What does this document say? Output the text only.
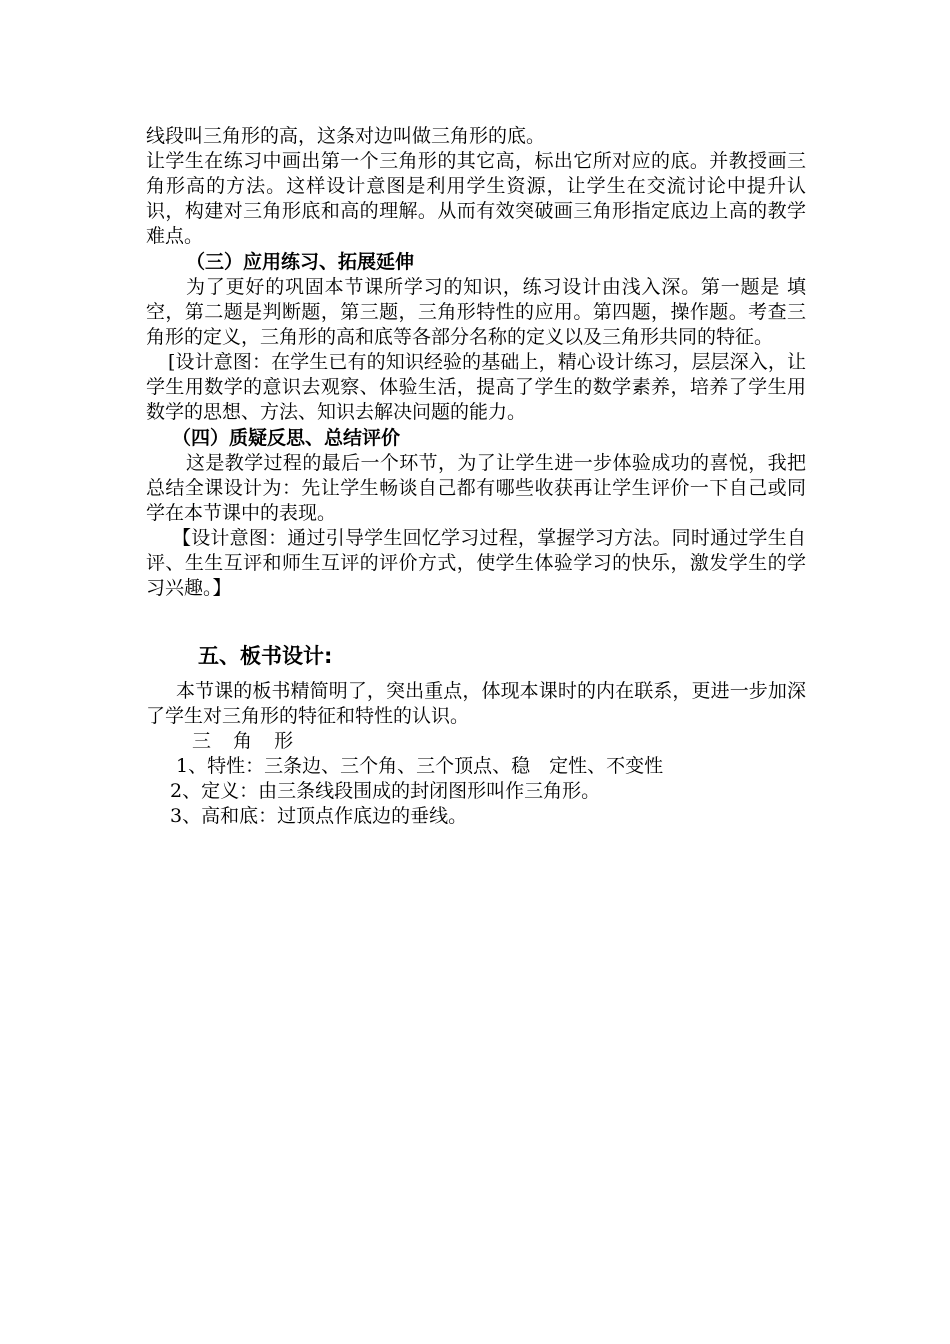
线段叫三角形的高，这条对边叫做三角形的底。

让学生在练习中画出第一个三角形的其它高，标出它所对应的底。并教授画三角形高的方法。这样设计意图是利用学生资源，让学生在交流讨论中提升认识，构建对三角形底和高的理解。从而有效突破画三角形指定底边上高的教学难点。

（三）应用练习、拓展延伸

为了更好的巩固本节课所学习的知识，练习设计由浅入深。第一题是 填空，第二题是判断题，第三题，三角形特性的应用。第四题，操作题。考查三角形的定义，三角形的高和底等各部分名称的定义以及三角形共同的特征。

[设计意图：在学生已有的知识经验的基础上，精心设计练习，层层深入，让学生用数学的意识去观察、体验生活，提高了学生的数学素养，培养了学生用数学的思想、方法、知识去解决问题的能力。

（四）质疑反思、总结评价

这是教学过程的最后一个环节，为了让学生进一步体验成功的喜悦，我把总结全课设计为：先让学生畅谈自己都有哪些收获再让学生评价一下自己或同学在本节课中的表现。

【设计意图：通过引导学生回忆学习过程，掌握学习方法。同时通过学生自评、生生互评和师生互评的评价方式，使学生体验学习的快乐，激发学生的学习兴趣。】

五、板书设计:

本节课的板书精简明了，突出重点，体现本课时的内在联系，更进一步加深了学生对三角形的特征和特性的认识。

三 角 形

1、特性：三条边、三个角、三个顶点、稳　定性、不变性

2、定义：由三条线段围成的封闭图形叫作三角形。

3、高和底：过顶点作底边的垂线。
